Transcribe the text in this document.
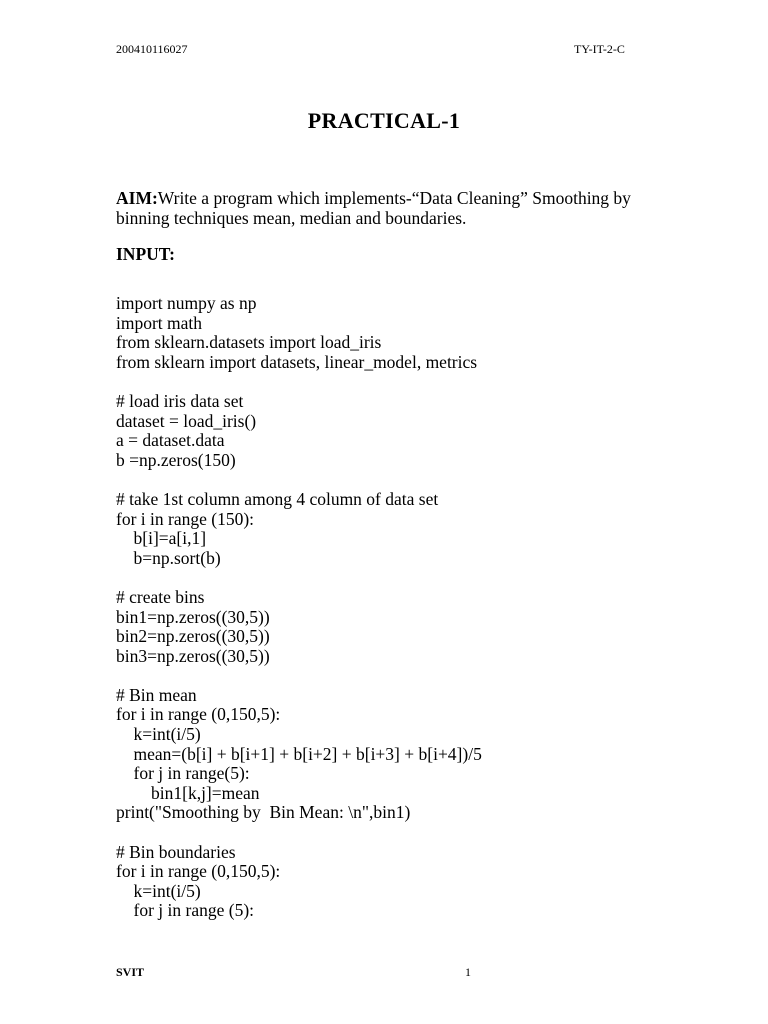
200410116027	TY-IT-2-C
PRACTICAL-1
AIM:Write a program which implements-“Data Cleaning” Smoothing by binning techniques mean, median and boundaries.
INPUT:
import numpy as np
import math
from sklearn.datasets import load_iris
from sklearn import datasets, linear_model, metrics
# load iris data set
dataset = load_iris()
a = dataset.data
b =np.zeros(150)
# take 1st column among 4 column of data set
for i in range (150):
b[i]=a[i,1]
b=np.sort(b)
# create bins
bin1=np.zeros((30,5))
bin2=np.zeros((30,5))
bin3=np.zeros((30,5))
# Bin mean
for i in range (0,150,5):
k=int(i/5)
mean=(b[i] + b[i+1] + b[i+2] + b[i+3] + b[i+4])/5
for j in range(5):
bin1[k,j]=mean
print("Smoothing by  Bin Mean: \n",bin1)
# Bin boundaries
for i in range (0,150,5):
k=int(i/5)
for j in range (5):
SVIT	1
